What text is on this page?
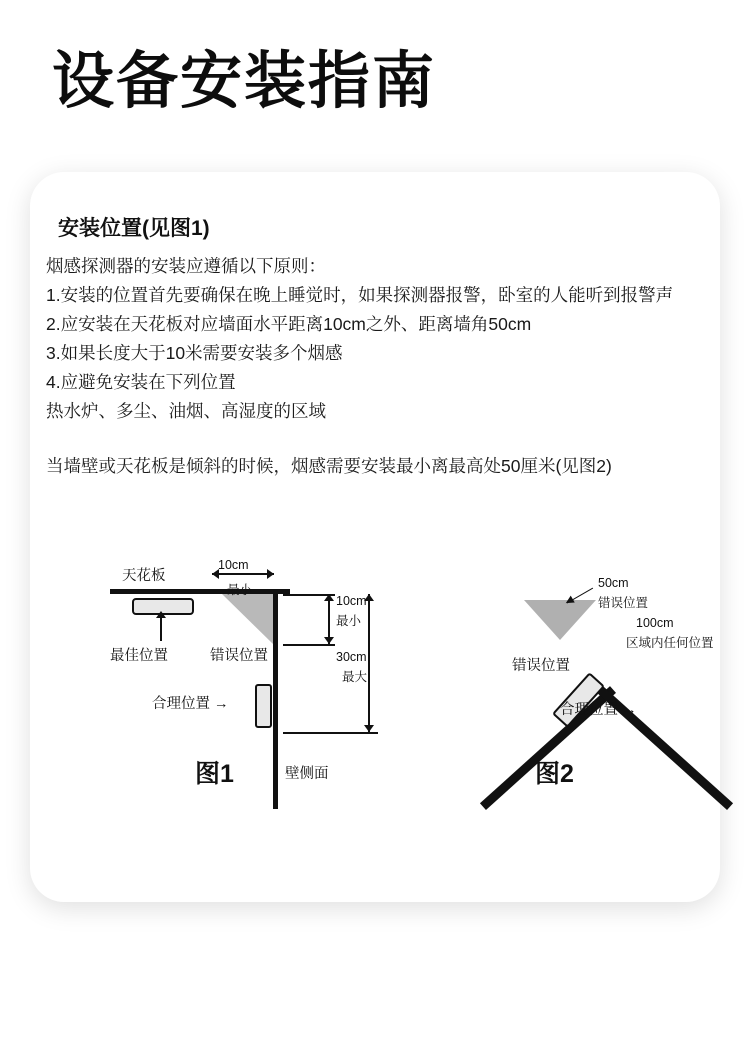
设备安装指南
安装位置(见图1)

烟感探测器的安装应遵循以下原则：

1.安装的位置首先要确保在晚上睡觉时，如果探测器报警，卧室的人能听到报警声

2.应安装在天花板对应墙面水平距离10cm之外、距离墙角50cm

3.如果长度大于10米需要安装多个烟感

4.应避免安装在下列位置

热水炉、多尘、油烟、高湿度的区域

当墙壁或天花板是倾斜的时候，烟感需要安装最小离最高处50厘米(见图2)

天花板
10cm
最小
最佳位置	错误位置
合理位置 →
10cm
最小
30cm
最大
壁侧面
图1
50cm
错误位置
100cm
区域内任何位置
错误位置
合理位置 →
图2
